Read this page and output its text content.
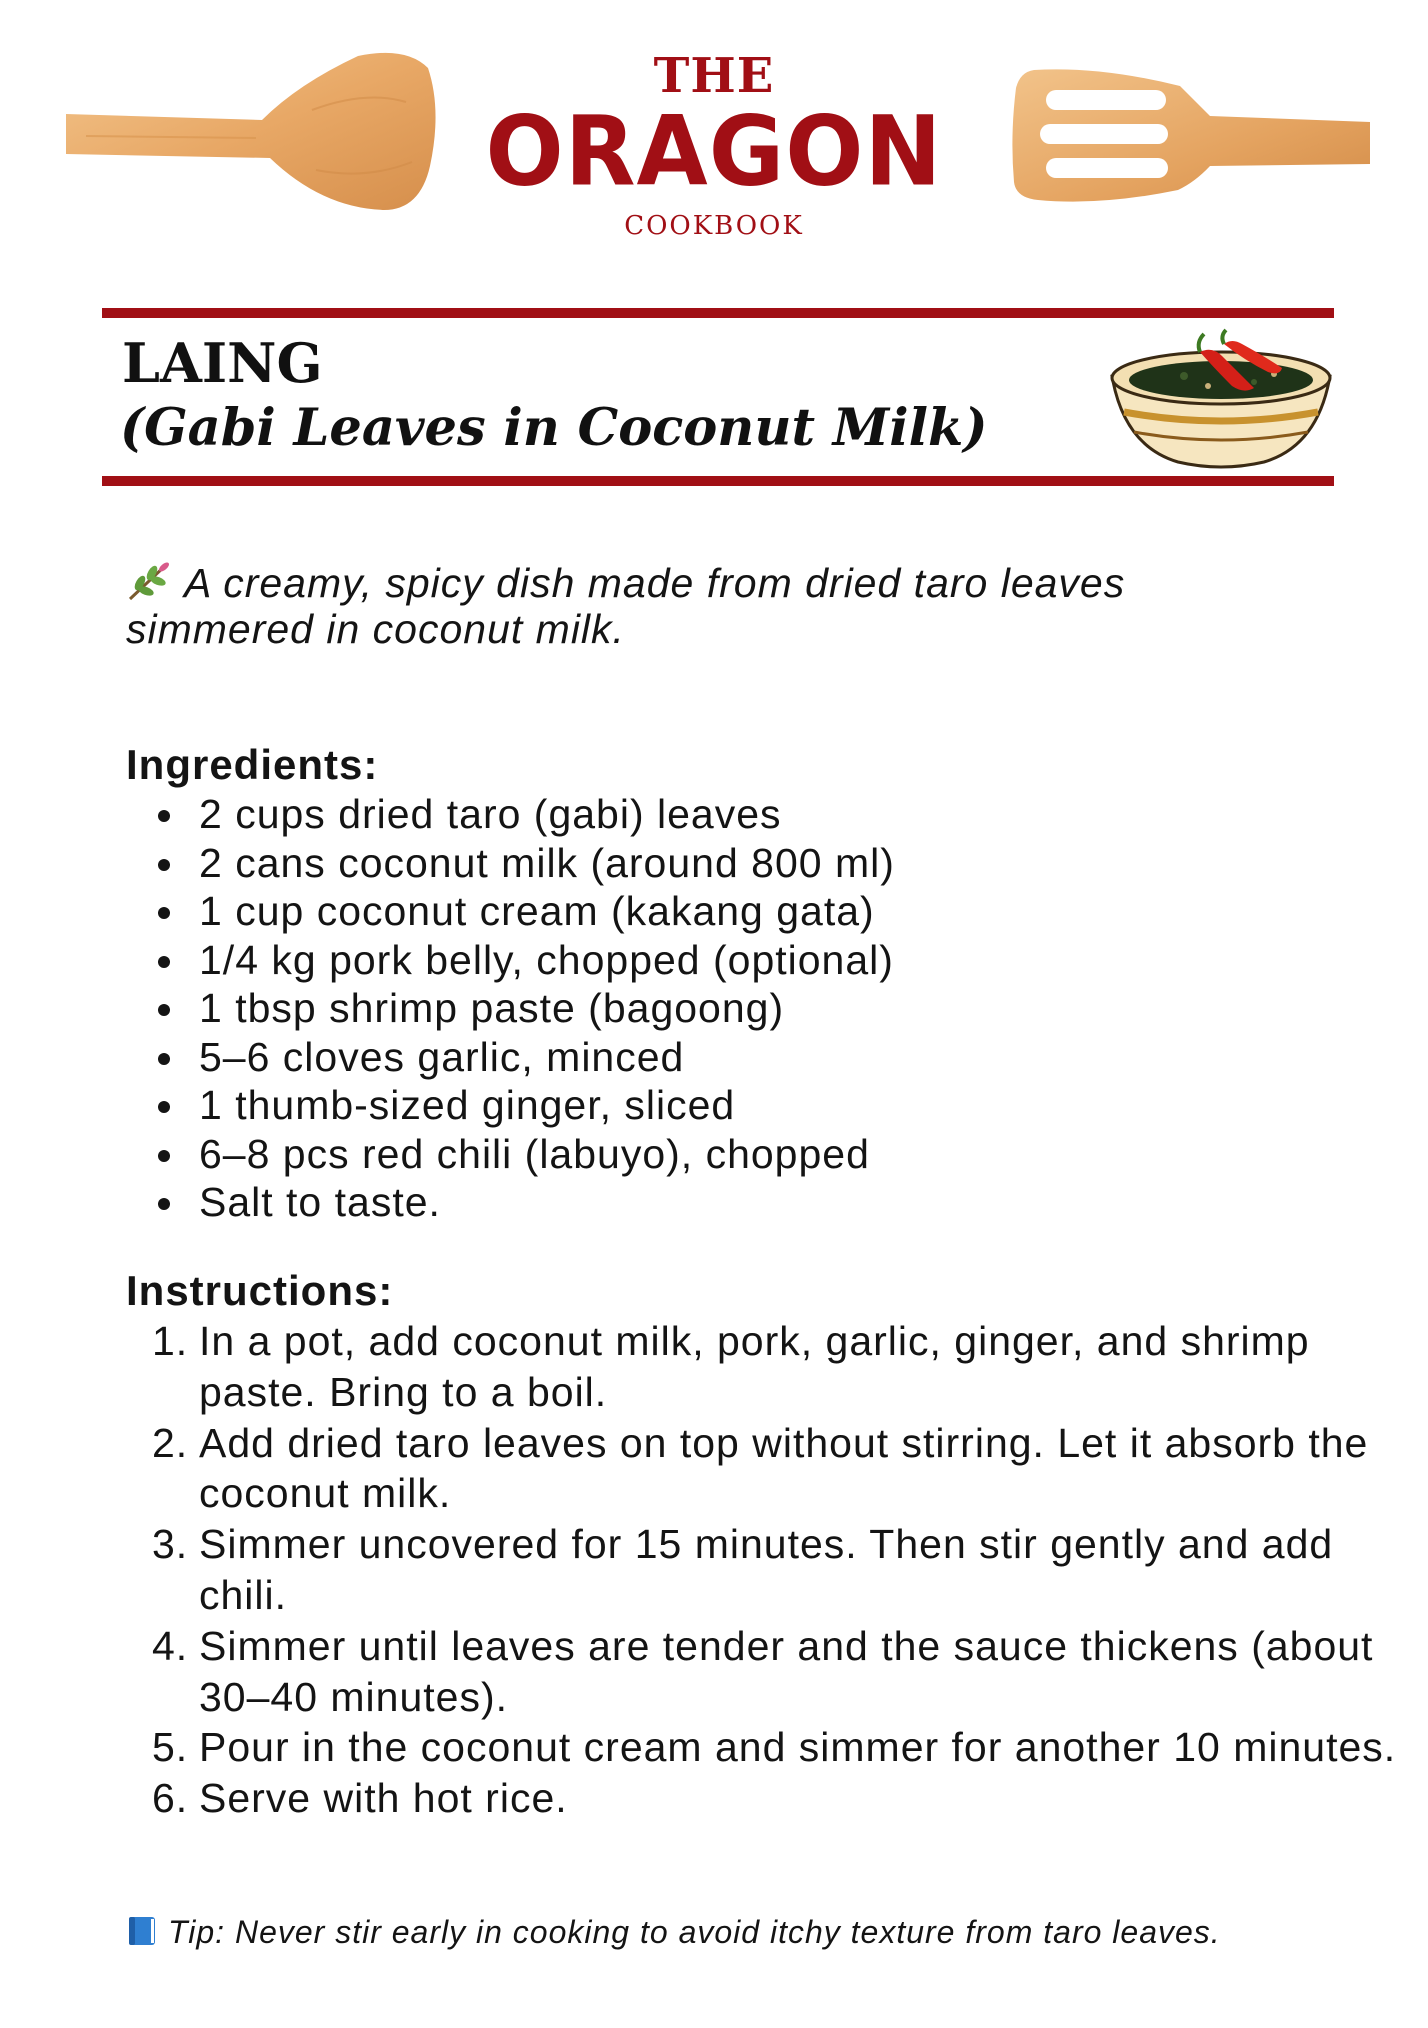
THE
ORAGON
COOKBOOK
LAING
(Gabi Leaves in Coconut Milk)
A creamy, spicy dish made from dried taro leaves simmered in coconut milk.
Ingredients:
2 cups dried taro (gabi) leaves
2 cans coconut milk (around 800 ml)
1 cup coconut cream (kakang gata)
1/4 kg pork belly, chopped (optional)
1 tbsp shrimp paste (bagoong)
5–6 cloves garlic, minced
1 thumb-sized ginger, sliced
6–8 pcs red chili (labuyo), chopped
Salt to taste.
Instructions:
1. In a pot, add coconut milk, pork, garlic, ginger, and shrimp paste. Bring to a boil.
2. Add dried taro leaves on top without stirring. Let it absorb the coconut milk.
3. Simmer uncovered for 15 minutes. Then stir gently and add chili.
4. Simmer until leaves are tender and the sauce thickens (about 30–40 minutes).
5. Pour in the coconut cream and simmer for another 10 minutes.
6. Serve with hot rice.
Tip: Never stir early in cooking to avoid itchy texture from taro leaves.
